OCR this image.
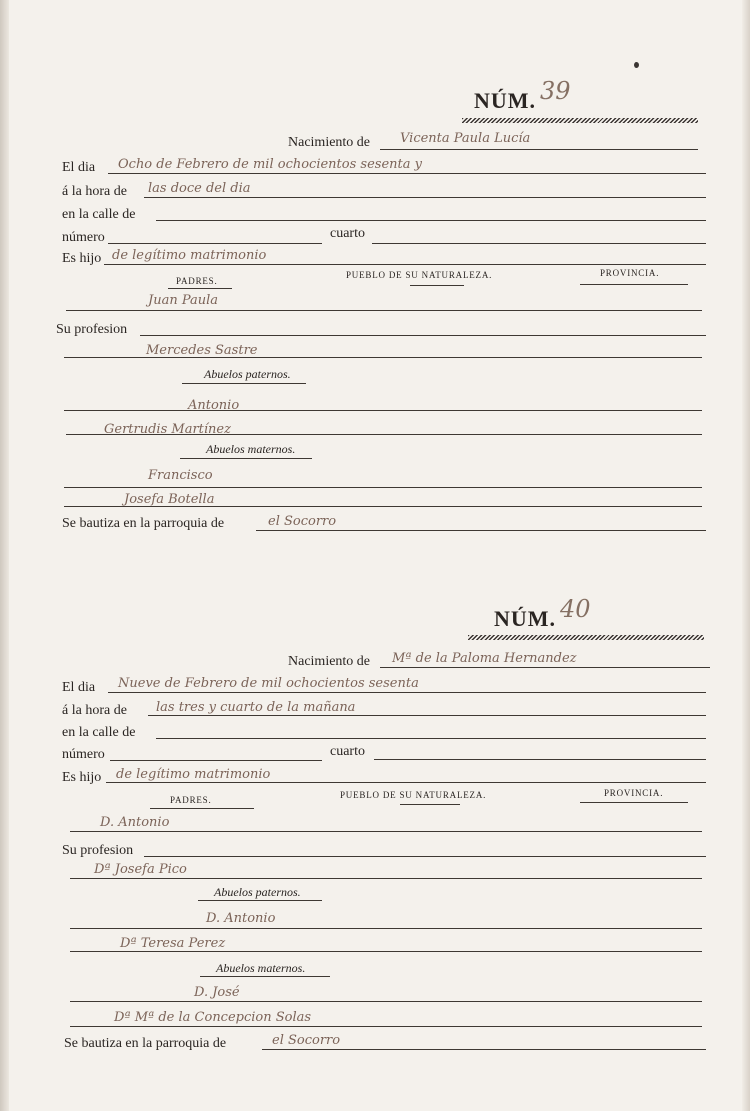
NÚM. 39
Nacimiento de Vicenta Paula Lucía
El dia Ocho de Febrero de mil ochocientos sesenta y
á la hora de las doce del dia
en la calle de
número	cuarto
Es hijo de legítimo matrimonio
PADRES.
PUEBLO DE SU NATURALEZA.	PROVINCIA.
Juan Paula
Su profesion
Mercedes Sastre
Abuelos paternos.
Antonio
Gertrudis Martínez
Abuelos maternos.
Francisco
Josefa Botella
Se bautiza en la parroquia de	el Socorro
NÚM. 40
Nacimiento de Mª de la Paloma Hernandez
El dia Nueve de Febrero de mil ochocientos sesenta
á la hora de las tres y cuarto de la mañana
en la calle de
número	cuarto
Es hijo de legítimo matrimonio
PADRES.	PUEBLO DE SU NATURALEZA.	PROVINCIA.
D. Antonio
Su profesion
Dª Josefa Pico
Abuelos paternos.
D. Antonio
Dª Teresa Perez
Abuelos maternos.
D. José
Dª Mª de la Concepcion Solas
Se bautiza en la parroquia de	el Socorro
